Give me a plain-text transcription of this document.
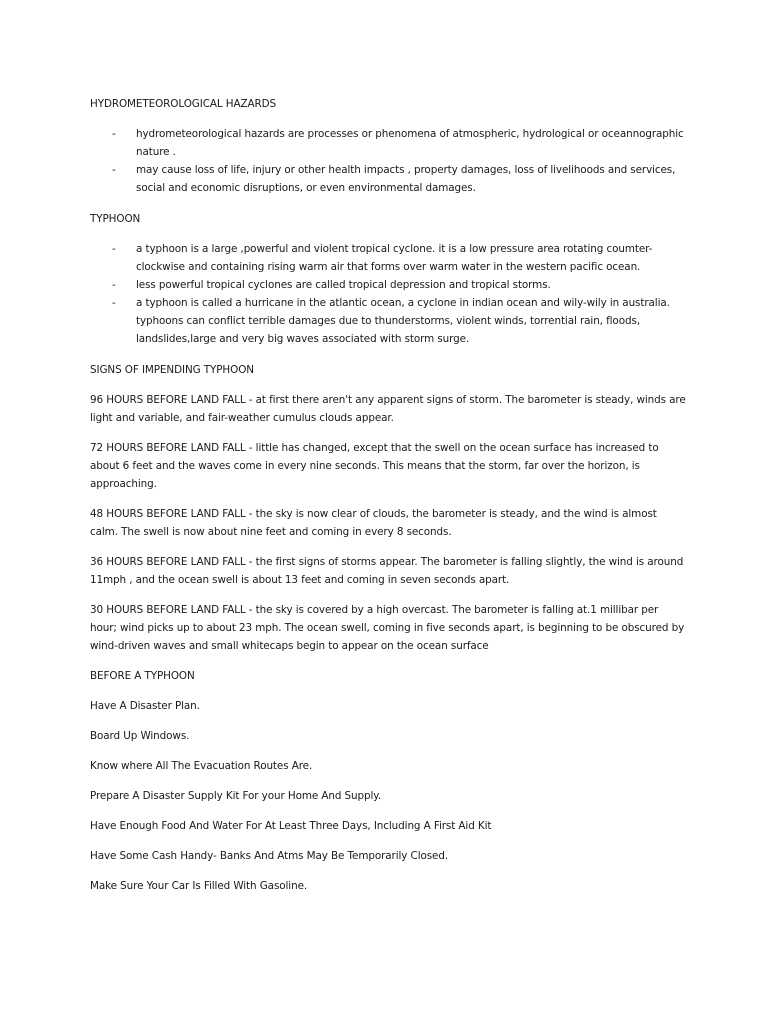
HYDROMETEOROLOGICAL HAZARDS

- hydrometeorological hazards are processes or phenomena of atmospheric, hydrological or oceannographic nature .
- may cause loss of life, injury or other health impacts , property damages, loss of livelihoods and services, social and economic disruptions, or even environmental damages.

TYPHOON

- a typhoon is a large ,powerful and violent tropical cyclone. it is a low pressure area rotating coumter-clockwise and containing rising warm air that forms over warm water in the western pacific ocean.
- less powerful tropical cyclones are called tropical depression and tropical storms.
- a typhoon is called a hurricane in the atlantic ocean, a cyclone in indian ocean and wily-wily in australia. typhoons can conflict terrible damages due to thunderstorms, violent winds, torrential rain, floods, landslides,large and very big waves associated with storm surge.

SIGNS OF IMPENDING TYPHOON

96 HOURS BEFORE LAND FALL - at first there aren't any apparent signs of storm. The barometer is steady, winds are light and variable, and fair-weather cumulus clouds appear.

72 HOURS BEFORE LAND FALL - little has changed, except that the swell on the ocean surface has increased to about 6 feet and the waves come in every nine seconds. This means that the storm, far over the horizon, is approaching.

48 HOURS BEFORE LAND FALL - the sky is now clear of clouds, the barometer is steady, and the wind is almost calm. The swell is now about nine feet and coming in every 8 seconds.

36 HOURS BEFORE LAND FALL - the first signs of storms appear. The barometer is falling slightly, the wind is around 11mph , and the ocean swell is about 13 feet and coming in seven seconds apart.

30 HOURS BEFORE LAND FALL - the sky is covered by a high overcast. The barometer is falling at.1 millibar per hour; wind picks up to about 23 mph. The ocean swell, coming in five seconds apart, is beginning to be obscured by wind-driven waves and small whitecaps begin to appear on the ocean surface

BEFORE A TYPHOON

Have A Disaster Plan.

Board Up Windows.

Know where All The Evacuation Routes Are.

Prepare A Disaster Supply Kit For your Home And Supply.

Have Enough Food And Water For At Least Three Days, Including A First Aid Kit

Have Some Cash Handy- Banks And Atms May Be Temporarily Closed.

Make Sure Your Car Is Filled With Gasoline.
